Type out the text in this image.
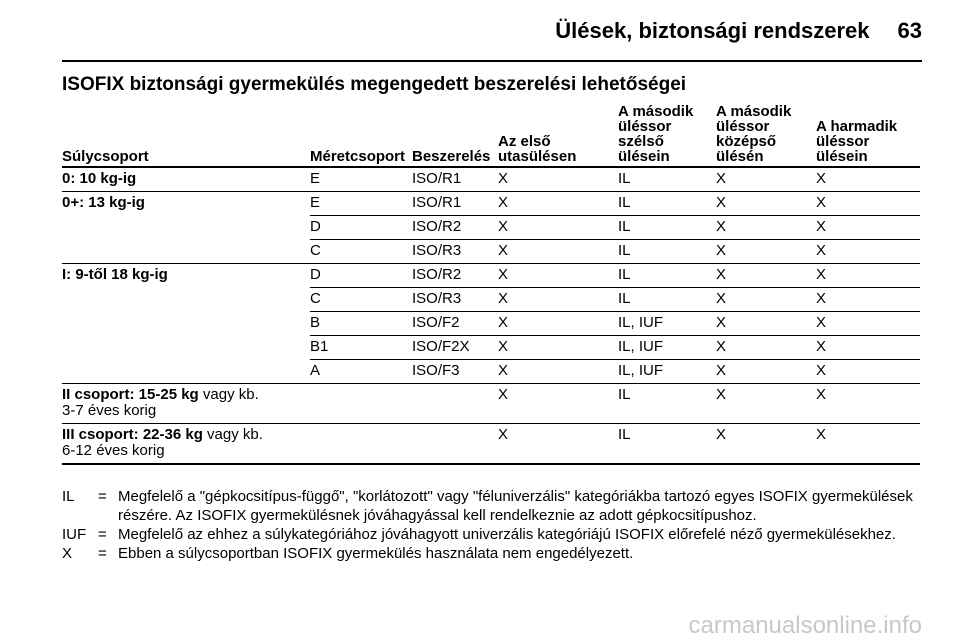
Ülések, biztonsági rendszerek 63
ISOFIX biztonsági gyermekülés megengedett beszerelési lehetőségei
Súlycsoport	Méretcsoport	Beszerelés	Az első
utasülésen	A második
üléssor
szélső
ülésein	A második
üléssor
középső
ülésén	A harmadik
üléssor
ülésein
0: 10 kg-ig	E	ISO/R1	X	IL	X	X
0+: 13 kg-ig	E	ISO/R1	X	IL	X	X
	D	ISO/R2	X	IL	X	X
	C	ISO/R3	X	IL	X	X
I: 9-től 18 kg-ig	D	ISO/R2	X	IL	X	X
	C	ISO/R3	X	IL	X	X
	B	ISO/F2	X	IL, IUF	X	X
	B1	ISO/F2X	X	IL, IUF	X	X
	A	ISO/F3	X	IL, IUF	X	X
II csoport: 15-25 kg vagy kb.
3-7 éves korig			X	IL	X	X
III csoport: 22-36 kg vagy kb.
6-12 éves korig			X	IL	X	X
IL	= Megfelelő a "gépkocsitípus-függő", "korlátozott" vagy "féluniverzális" kategóriákba tartozó egyes ISOFIX gyermekülések részére. Az ISOFIX gyermekülésnek jóváhagyással kell rendelkeznie az adott gépkocsitípushoz.
IUF = Megfelelő az ehhez a súlykategóriához jóváhagyott univerzális kategóriájú ISOFIX előrefelé néző gyermekülésekhez.
X	= Ebben a súlycsoportban ISOFIX gyermekülés használata nem engedélyezett.
carmanualsonline.info
